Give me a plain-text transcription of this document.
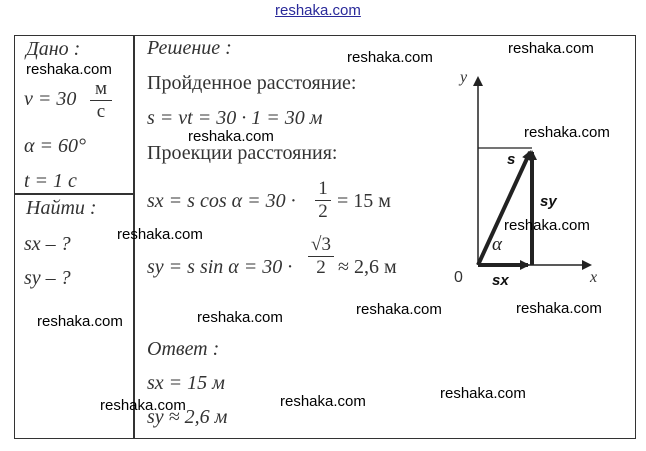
reshaka.com
Дано :
v = 30 м
с
α = 60°
t = 1 с
Найти :
sx – ?
sy – ?
Решение :
Пройденное расстояние:
s = vt = 30 · 1 = 30 м
Проекции расстояния:
sx = s cos α = 30 ·
1
2 = 15 м
sy = s sin α = 30 ·
√3
2 ≈ 2,6 м
Ответ :
sx = 15 м
sy ≈ 2,6 м
y
x
0
s
sy
sx
α
reshaka.com
reshaka.com
reshaka.com
reshaka.com	reshaka.com
reshaka.com
reshaka.com
reshaka.com	reshaka.com	reshaka.com	reshaka.com
reshaka.com	reshaka.com	reshaka.com
